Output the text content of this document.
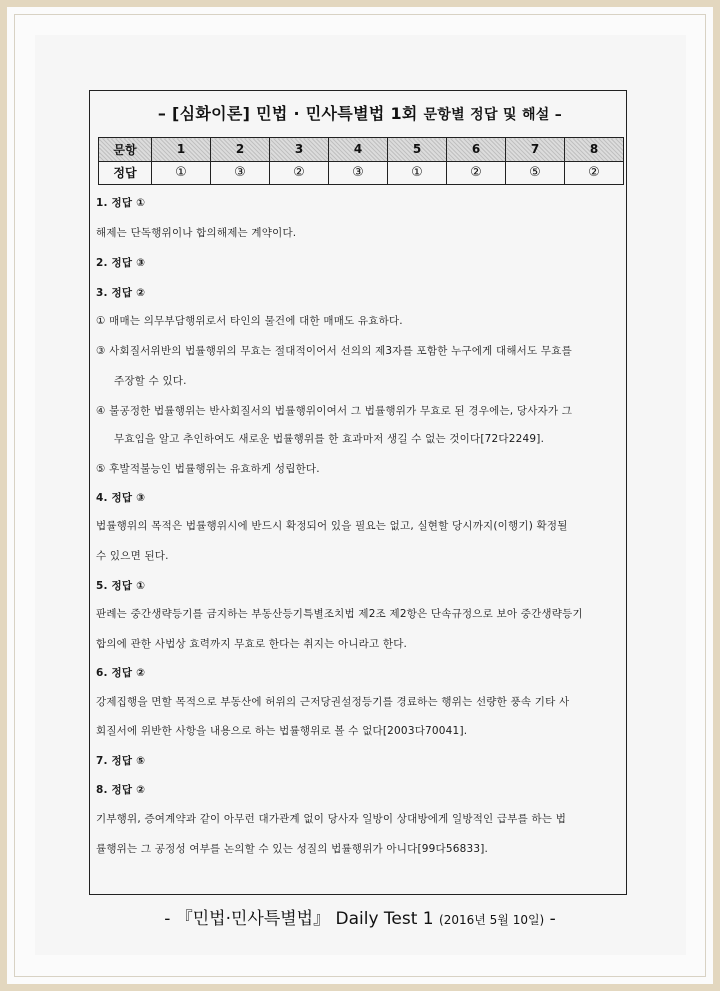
– [심화이론] 민법 · 민사특별법 1회 문항별 정답 및 해설 –
문항	1	2	3	4	5	6	7	8
정답	①	③	②	③	①	②	⑤	②
1. 정답 ①
해제는 단독행위이나 합의해제는 계약이다.
2. 정답 ③
3. 정답 ②
① 매매는 의무부담행위로서 타인의 물건에 대한 매매도 유효하다.
③ 사회질서위반의 법률행위의 무효는 절대적이어서 선의의 제3자를 포함한 누구에게 대해서도 무효를
주장할 수 있다.
④ 불공정한 법률행위는 반사회질서의 법률행위이여서 그 법률행위가 무효로 된 경우에는, 당사자가 그
무효임을 알고 추인하여도 새로운 법률행위를 한 효과마저 생길 수 없는 것이다[72다2249].
⑤ 후발적불능인 법률행위는 유효하게 성립한다.
4. 정답 ③
법률행위의 목적은 법률행위시에 반드시 확정되어 있을 필요는 없고, 실현할 당시까지(이행기) 확정될
수 있으면 된다.
5. 정답 ①
판례는 중간생략등기를 금지하는 부동산등기특별조치법 제2조 제2항은 단속규정으로 보아 중간생략등기
합의에 관한 사법상 효력까지 무효로 한다는 취지는 아니라고 한다.
6. 정답 ②
강제집행을 면할 목적으로 부동산에 허위의 근저당권설정등기를 경료하는 행위는 선량한 풍속 기타 사
회질서에 위반한 사항을 내용으로 하는 법률행위로 볼 수 없다[2003다70041].
7. 정답 ⑤
8. 정답 ②
기부행위, 증여계약과 같이 아무런 대가관계 없이 당사자 일방이 상대방에게 일방적인 급부를 하는 법
률행위는 그 공정성 여부를 논의할 수 있는 성질의 법률행위가 아니다[99다56833].
- 『민법·민사특별법』 Daily Test 1 (2016년 5월 10일) -
